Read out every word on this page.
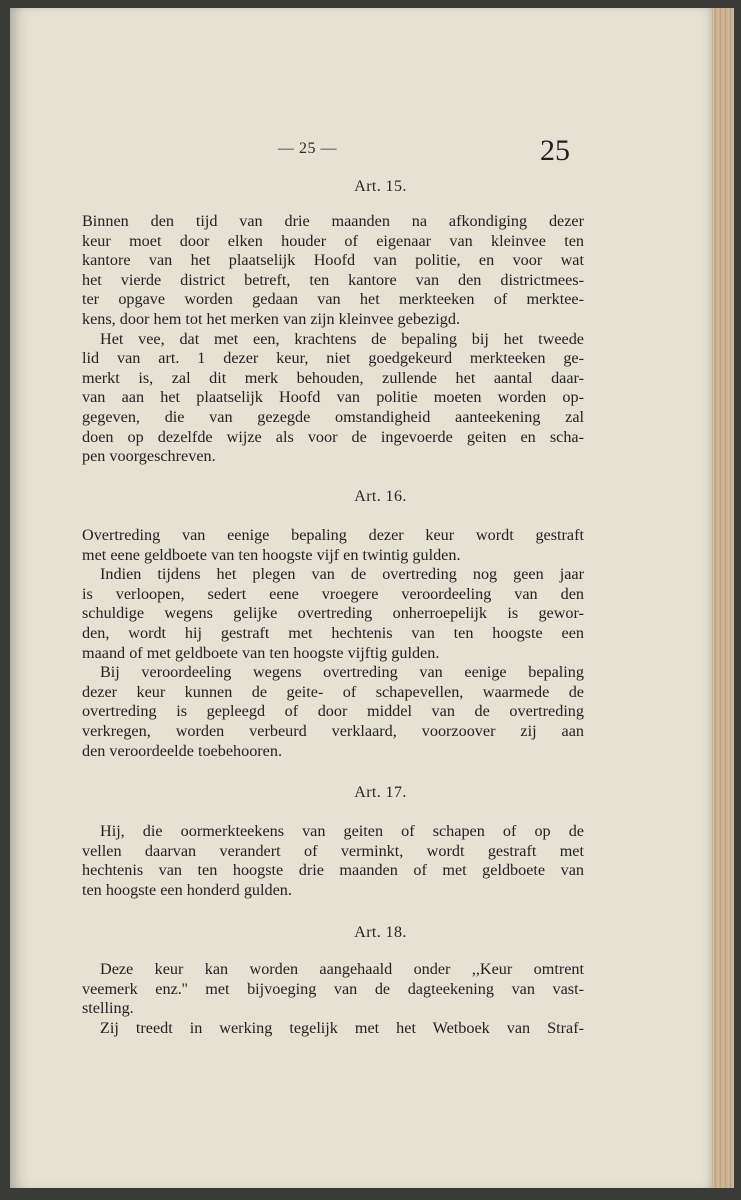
— 25 —	25
Art. 15.
Binnen den tijd van drie maanden na afkondiging dezer
keur moet door elken houder of eigenaar van kleinvee ten
kantore van het plaatselijk Hoofd van politie, en voor wat
het vierde district betreft, ten kantore van den districtmees-
ter opgave worden gedaan van het merkteeken of merktee-
kens, door hem tot het merken van zijn kleinvee gebezigd.
Het vee, dat met een, krachtens de bepaling bij het tweede
lid van art. 1 dezer keur, niet goedgekeurd merkteeken ge-
merkt is, zal dit merk behouden, zullende het aantal daar-
van aan het plaatselijk Hoofd van politie moeten worden op-
gegeven, die van gezegde omstandigheid aanteekening zal
doen op dezelfde wijze als voor de ingevoerde geiten en scha-
pen voorgeschreven.
Art. 16.
Overtreding van eenige bepaling dezer keur wordt gestraft
met eene geldboete van ten hoogste vijf en twintig gulden.
Indien tijdens het plegen van de overtreding nog geen jaar
is verloopen, sedert eene vroegere veroordeeling van den
schuldige wegens gelijke overtreding onherroepelijk is gewor-
den, wordt hij gestraft met hechtenis van ten hoogste een
maand of met geldboete van ten hoogste vijftig gulden.
Bij veroordeeling wegens overtreding van eenige bepaling
dezer keur kunnen de geite- of schapevellen, waarmede de
overtreding is gepleegd of door middel van de overtreding
verkregen, worden verbeurd verklaard, voorzoover zij aan
den veroordeelde toebehooren.
Art. 17.
Hij, die oormerkteekens van geiten of schapen of op de
vellen daarvan verandert of verminkt, wordt gestraft met
hechtenis van ten hoogste drie maanden of met geldboete van
ten hoogste een honderd gulden.
Art. 18.
Deze keur kan worden aangehaald onder ,,Keur omtrent
veemerk enz.'' met bijvoeging van de dagteekening van vast-
stelling.
Zij treedt in werking tegelijk met het Wetboek van Straf-
